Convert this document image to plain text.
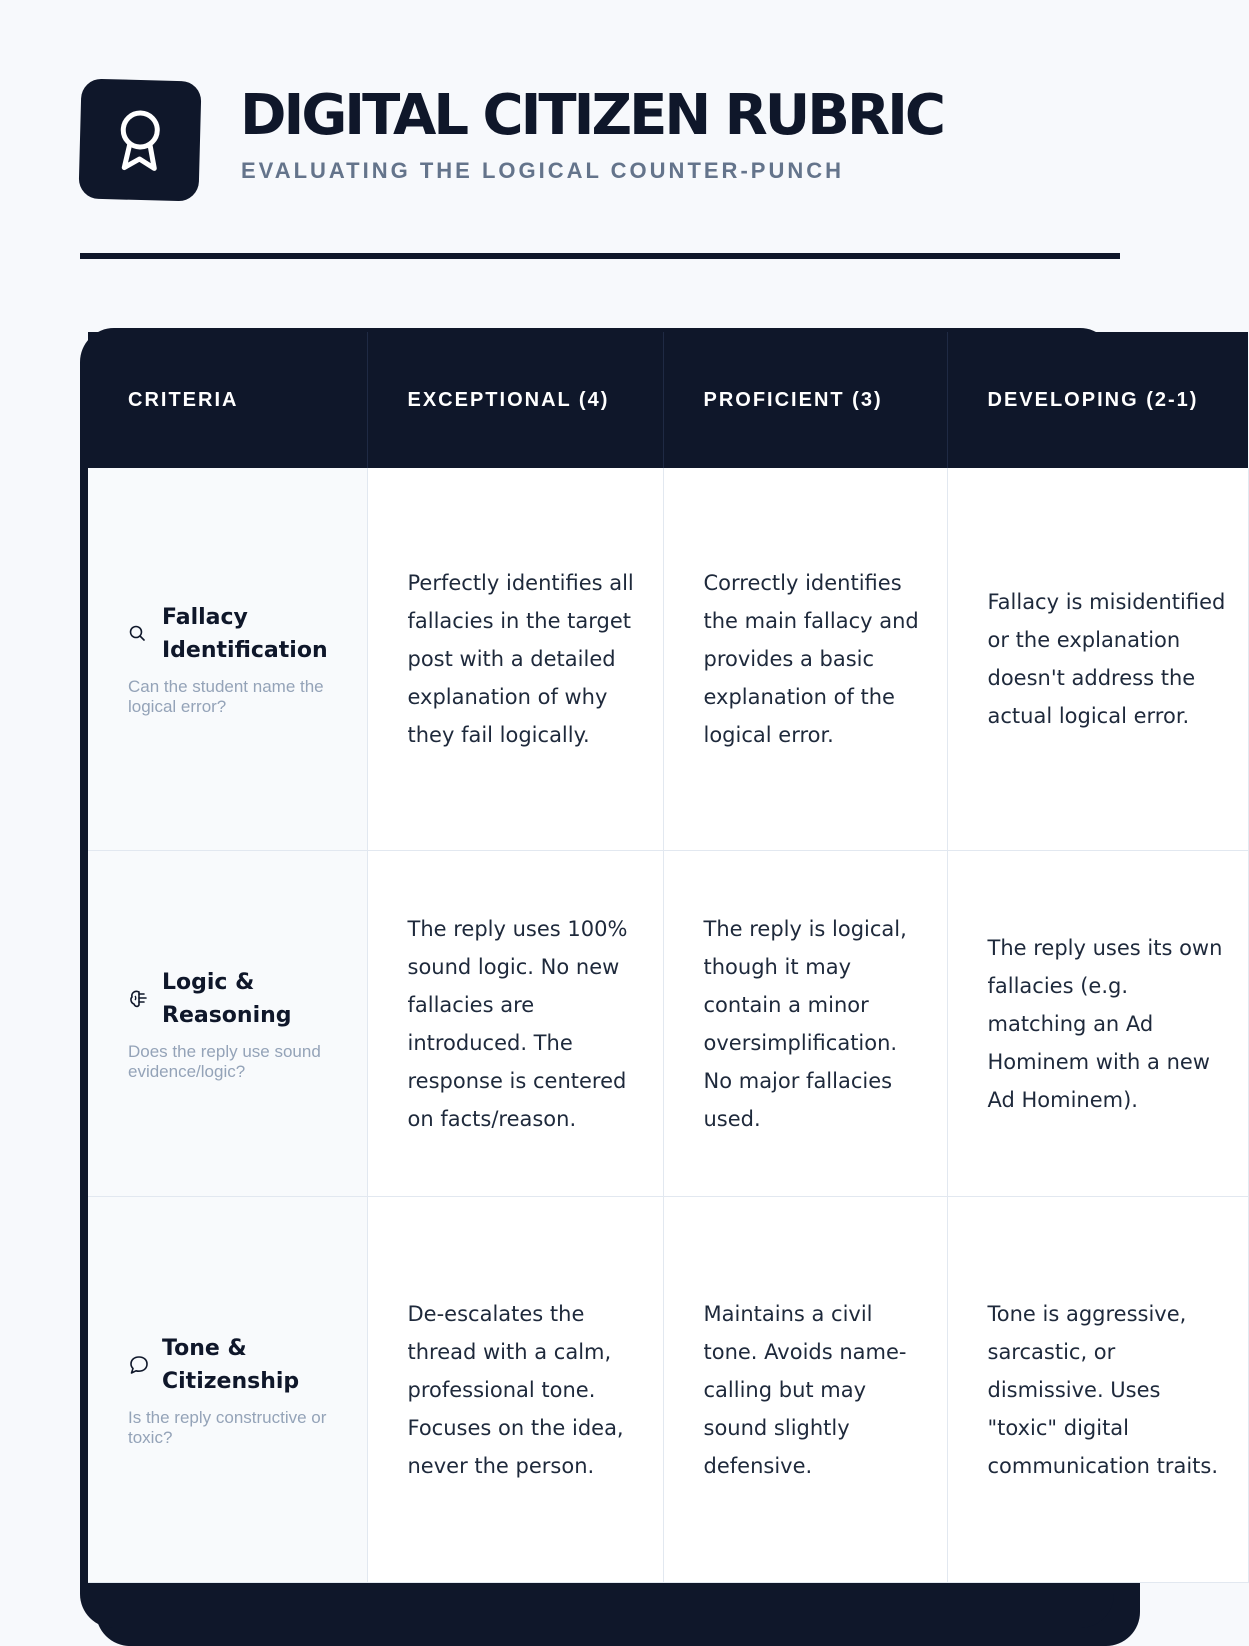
DIGITAL CITIZEN RUBRIC
EVALUATING THE LOGICAL COUNTER-PUNCH
CRITERIA	EXCEPTIONAL (4)	PROFICIENT (3)	DEVELOPING (2-1)

Fallacy Identification
Can the student name the logical error?	Perfectly identifies all fallacies in the target post with a detailed explanation of why they fail logically.	Correctly identifies the main fallacy and provides a basic explanation of the logical error.	Fallacy is misidentified or the explanation doesn't address the actual logical error.

Logic & Reasoning
Does the reply use sound evidence/logic?	The reply uses 100% sound logic. No new fallacies are introduced. The response is centered on facts/reason.	The reply is logical, though it may contain a minor oversimplification. No major fallacies used.	The reply uses its own fallacies (e.g. matching an Ad Hominem with a new Ad Hominem).

Tone & Citizenship
Is the reply constructive or toxic?	De-escalates the thread with a calm, professional tone. Focuses on the idea, never the person.	Maintains a civil tone. Avoids name-calling but may sound slightly defensive.	Tone is aggressive, sarcastic, or dismissive. Uses "toxic" digital communication traits.
